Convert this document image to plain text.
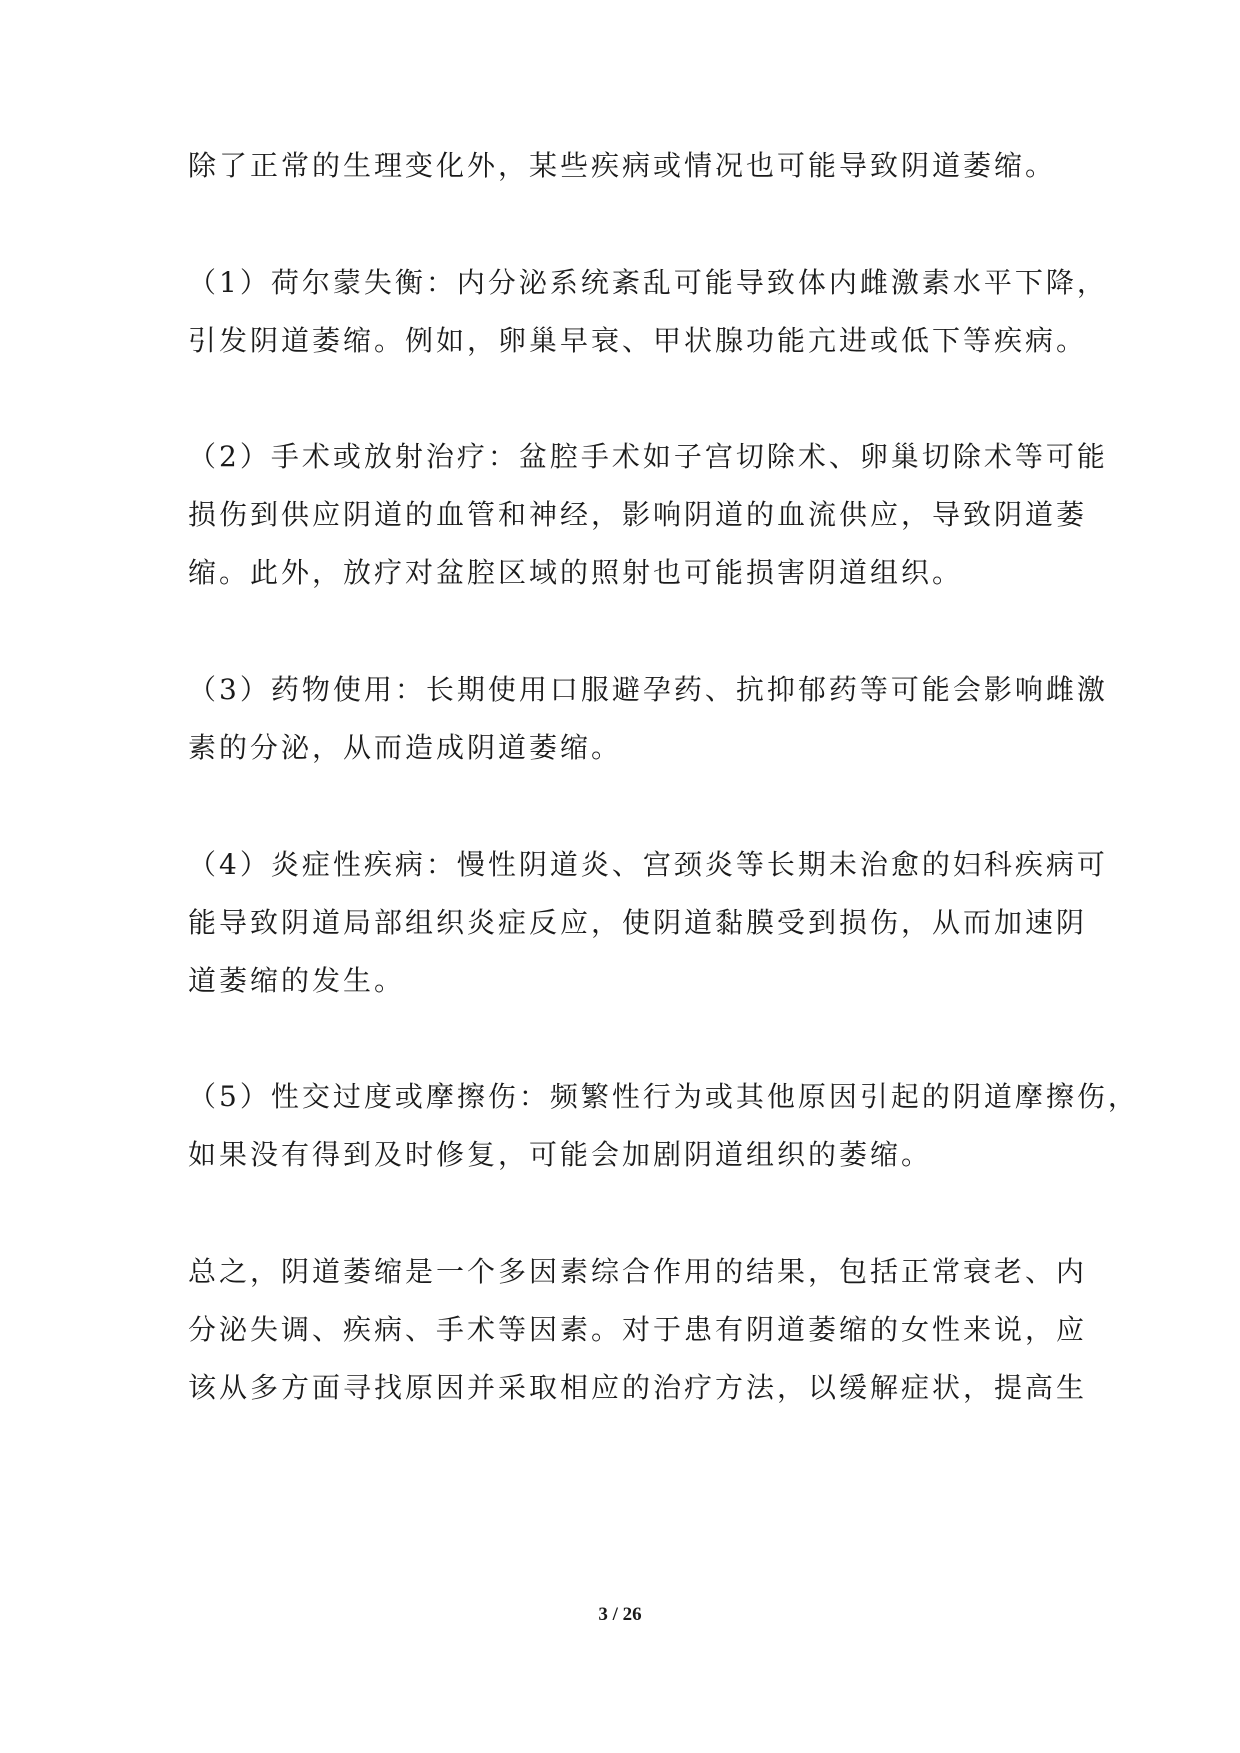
除了正常的生理变化外，某些疾病或情况也可能导致阴道萎缩。
（1）荷尔蒙失衡：内分泌系统紊乱可能导致体内雌激素水平下降，
引发阴道萎缩。例如，卵巢早衰、甲状腺功能亢进或低下等疾病。
（2）手术或放射治疗：盆腔手术如子宫切除术、卵巢切除术等可能
损伤到供应阴道的血管和神经，影响阴道的血流供应，导致阴道萎
缩。此外，放疗对盆腔区域的照射也可能损害阴道组织。
（3）药物使用：长期使用口服避孕药、抗抑郁药等可能会影响雌激
素的分泌，从而造成阴道萎缩。
（4）炎症性疾病：慢性阴道炎、宫颈炎等长期未治愈的妇科疾病可
能导致阴道局部组织炎症反应，使阴道黏膜受到损伤，从而加速阴
道萎缩的发生。
（5）性交过度或摩擦伤：频繁性行为或其他原因引起的阴道摩擦伤，
如果没有得到及时修复，可能会加剧阴道组织的萎缩。
总之，阴道萎缩是一个多因素综合作用的结果，包括正常衰老、内
分泌失调、疾病、手术等因素。对于患有阴道萎缩的女性来说，应
该从多方面寻找原因并采取相应的治疗方法，以缓解症状，提高生
3 / 26
